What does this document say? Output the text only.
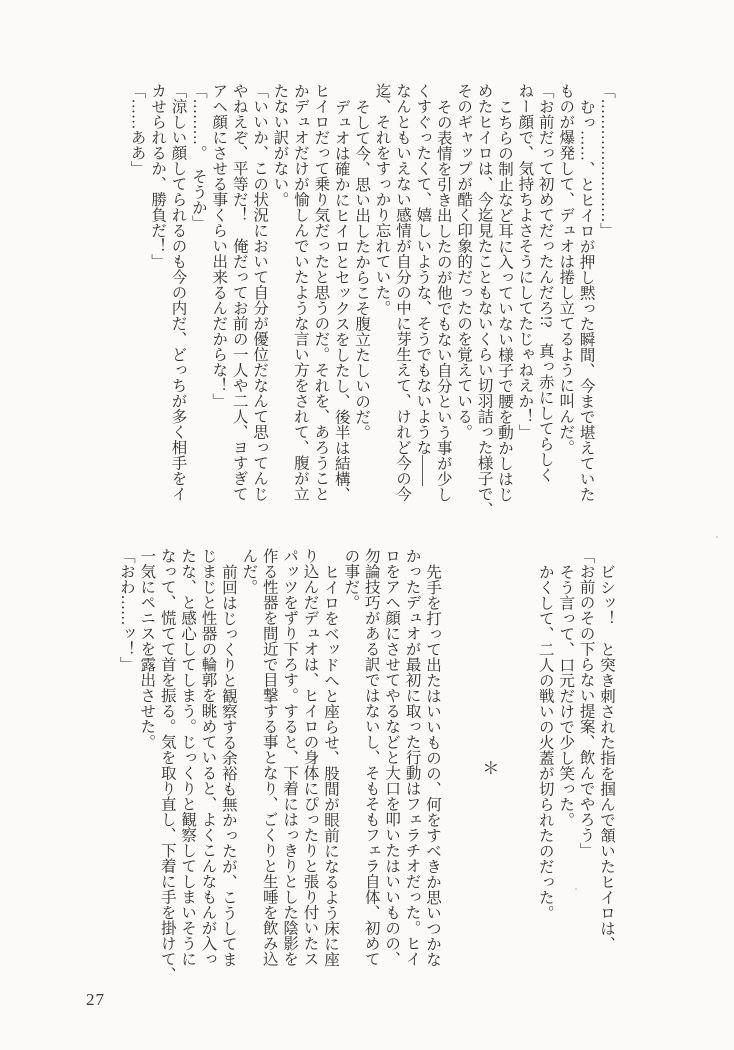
「……………………」
むっ……、とヒイロが押し黙った瞬間、今まで堪えていた
ものが爆発して、デュオは捲し立てるように叫んだ。
「お前だって初めてだったんだろ!?　真っ赤にしてらしく
ねー顔で、気持ちよさそうにしてたじゃねえか！」
こちらの制止など耳に入っていない様子で腰を動かしはじ
めたヒイロは、今迄見たこともないくらい切羽詰った様子で、
そのギャップが酷く印象的だったのを覚えている。
その表情を引き出したのが他でもない自分という事が少し
くすぐったくて、嬉しいような、そうでもないような――
なんともいえない感情が自分の中に芽生えて、けれど今の今
迄、それをすっかり忘れていた。
そして今、思い出したからこそ腹立たしいのだ。
デュオは確かにヒイロとセックスをしたし、後半は結構、
ヒイロだって乗り気だったと思うのだ。それを、あろうこと
かデュオだけが愉しんでいたような言い方をされて、腹が立
たない訳がない。
「いいか、この状況において自分が優位だなんて思ってんじ
やねえぞ、平等だ！　俺だってお前の一人や二人、ヨすぎて
アヘ顔にさせる事くらい出来るんだからな！」
「………。　そうか」
「涼しい顔してられるのも今の内だ、どっちが多く相手をイ
カせられるか、勝負だ！」
「……ああ」
ビシッ！　と突き刺された指を掴んで頷いたヒイロは、
「お前のその下らない提案、飲んでやろう」
そう言って、口元だけで少し笑った。
かくして、二人の戦いの火蓋が切られたのだった。
＊
先手を打って出たはいいものの、何をすべきか思いつかな
かったデュオが最初に取った行動はフェラチオだった。ヒイ
ロをアヘ顔にさせてやるなどと大口を叩いたはいいものの、
勿論技巧がある訳ではないし、そもそもフェラ自体、初めて
の事だ。
ヒイロをベッドへと座らせ、股間が眼前になるよう床に座
り込んだデュオは、ヒイロの身体にぴったりと張り付いたス
パッツをずり下ろす。すると、下着にはっきりとした陰影を
作る性器を間近で目撃する事となり、ごくりと生唾を飲み込
んだ。
前回はじっくりと観察する余裕も無かったが、こうしてま
じまじと性器の輪郭を眺めていると、よくこんなもんが入っ
たな、と感心してしまう。じっくりと観察してしまいそうに
なって、慌てて首を振る。気を取り直し、下着に手を掛けて、
一気にペニスを露出させた。
「おわ……ッ！」
27
